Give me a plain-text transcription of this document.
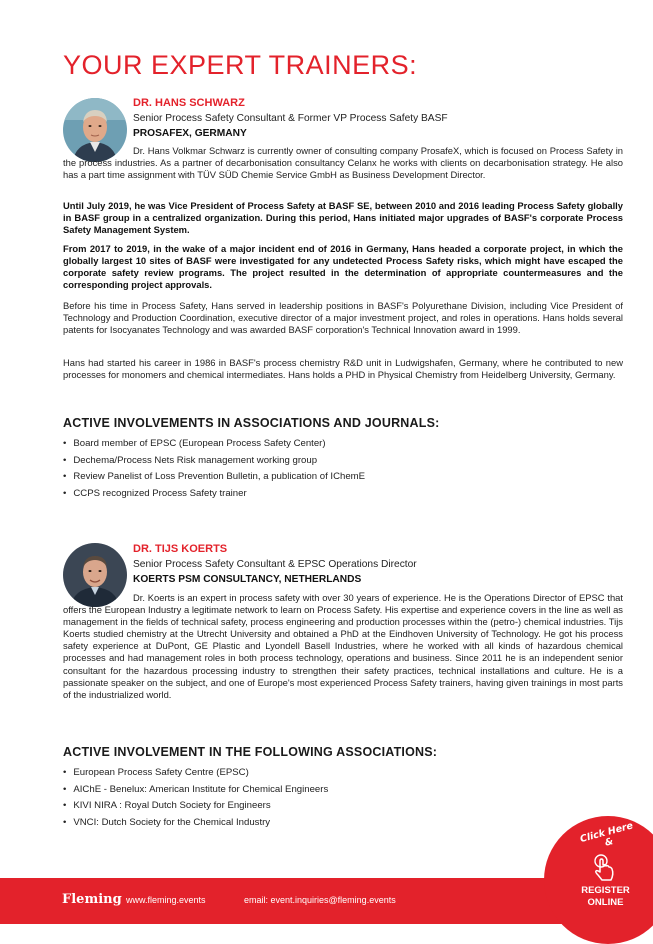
YOUR EXPERT TRAINERS:
DR. HANS SCHWARZ
Senior Process Safety Consultant & Former VP Process Safety BASF
PROSAFEX, GERMANY

Dr. Hans Volkmar Schwarz is currently owner of consulting company ProsafeX, which is focused on Process Safety in the process industries. As a partner of decarbonisation consultancy Celanx he works with clients on decarbonisation strategy. He also has a part time assignment with TÜV SÜD Chemie Service GmbH as Business Development Director.

Until July 2019, he was Vice President of Process Safety at BASF SE, between 2010 and 2016 leading Process Safety globally in BASF group in a centralized organization. During this period, Hans initiated major upgrades of BASF's corporate Process Safety Management System.

From 2017 to 2019, in the wake of a major incident end of 2016 in Germany, Hans headed a corporate project, in which the globally largest 10 sites of BASF were investigated for any undetected Process Safety risks, which might have escaped the corporate safety review programs. The project resulted in the determination of appropriate countermeasures and the corresponding project approvals.

Before his time in Process Safety, Hans served in leadership positions in BASF's Polyurethane Division, including Vice President of Technology and Production Coordination, executive director of a major investment project, and roles in operations. Hans holds several patents for Isocyanates Technology and was awarded BASF corporation's Technical Innovation award in 1999.

Hans had started his career in 1986 in BASF's process chemistry R&D unit in Ludwigshafen, Germany, where he contributed to new processes for monomers and chemical intermediates. Hans holds a PHD in Physical Chemistry from Heidelberg University, Germany.

ACTIVE INVOLVEMENTS IN ASSOCIATIONS AND JOURNALS:
• Board member of EPSC (European Process Safety Center)
• Dechema/Process Nets Risk management working group
• Review Panelist of Loss Prevention Bulletin, a publication of IChemE
• CCPS recognized Process Safety trainer
DR. TIJS KOERTS
Senior Process Safety Consultant & EPSC Operations Director
KOERTS PSM CONSULTANCY, NETHERLANDS

Dr. Koerts is an expert in process safety with over 30 years of experience. He is the Operations Director of EPSC that offers the European Industry a legitimate network to learn on Process Safety. His expertise and experience covers in the line as well as management in the fields of technical safety, process engineering and production processes within the (petro-) chemical industries. Tijs Koerts studied chemistry at the Utrecht University and obtained a PhD at the Eindhoven University of Technology. He got his process safety experience at DuPont, GE Plastic and Lyondell Basell Industries, where he worked with all kinds of hazardous chemical processes and had management roles in both process technology, operations and business. Since 2011 he is an independent senior consultant for the hazardous processing industry to strengthen their safety practices, technical installations and culture. He is a passionate speaker on the subject, and one of Europe's most experienced Process Safety trainers, having given trainings in most parts of the industrialized world.

ACTIVE INVOLVEMENT IN THE FOLLOWING ASSOCIATIONS:
• European Process Safety Centre (EPSC)
• AIChE - Benelux: American Institute for Chemical Engineers
• KIVI NIRA : Royal Dutch Society for Engineers
• VNCI: Dutch Society for the Chemical Industry
Fleming www.fleming.events	email: event.inquiries@fleming.events
Click Here &
REGISTER
ONLINE
